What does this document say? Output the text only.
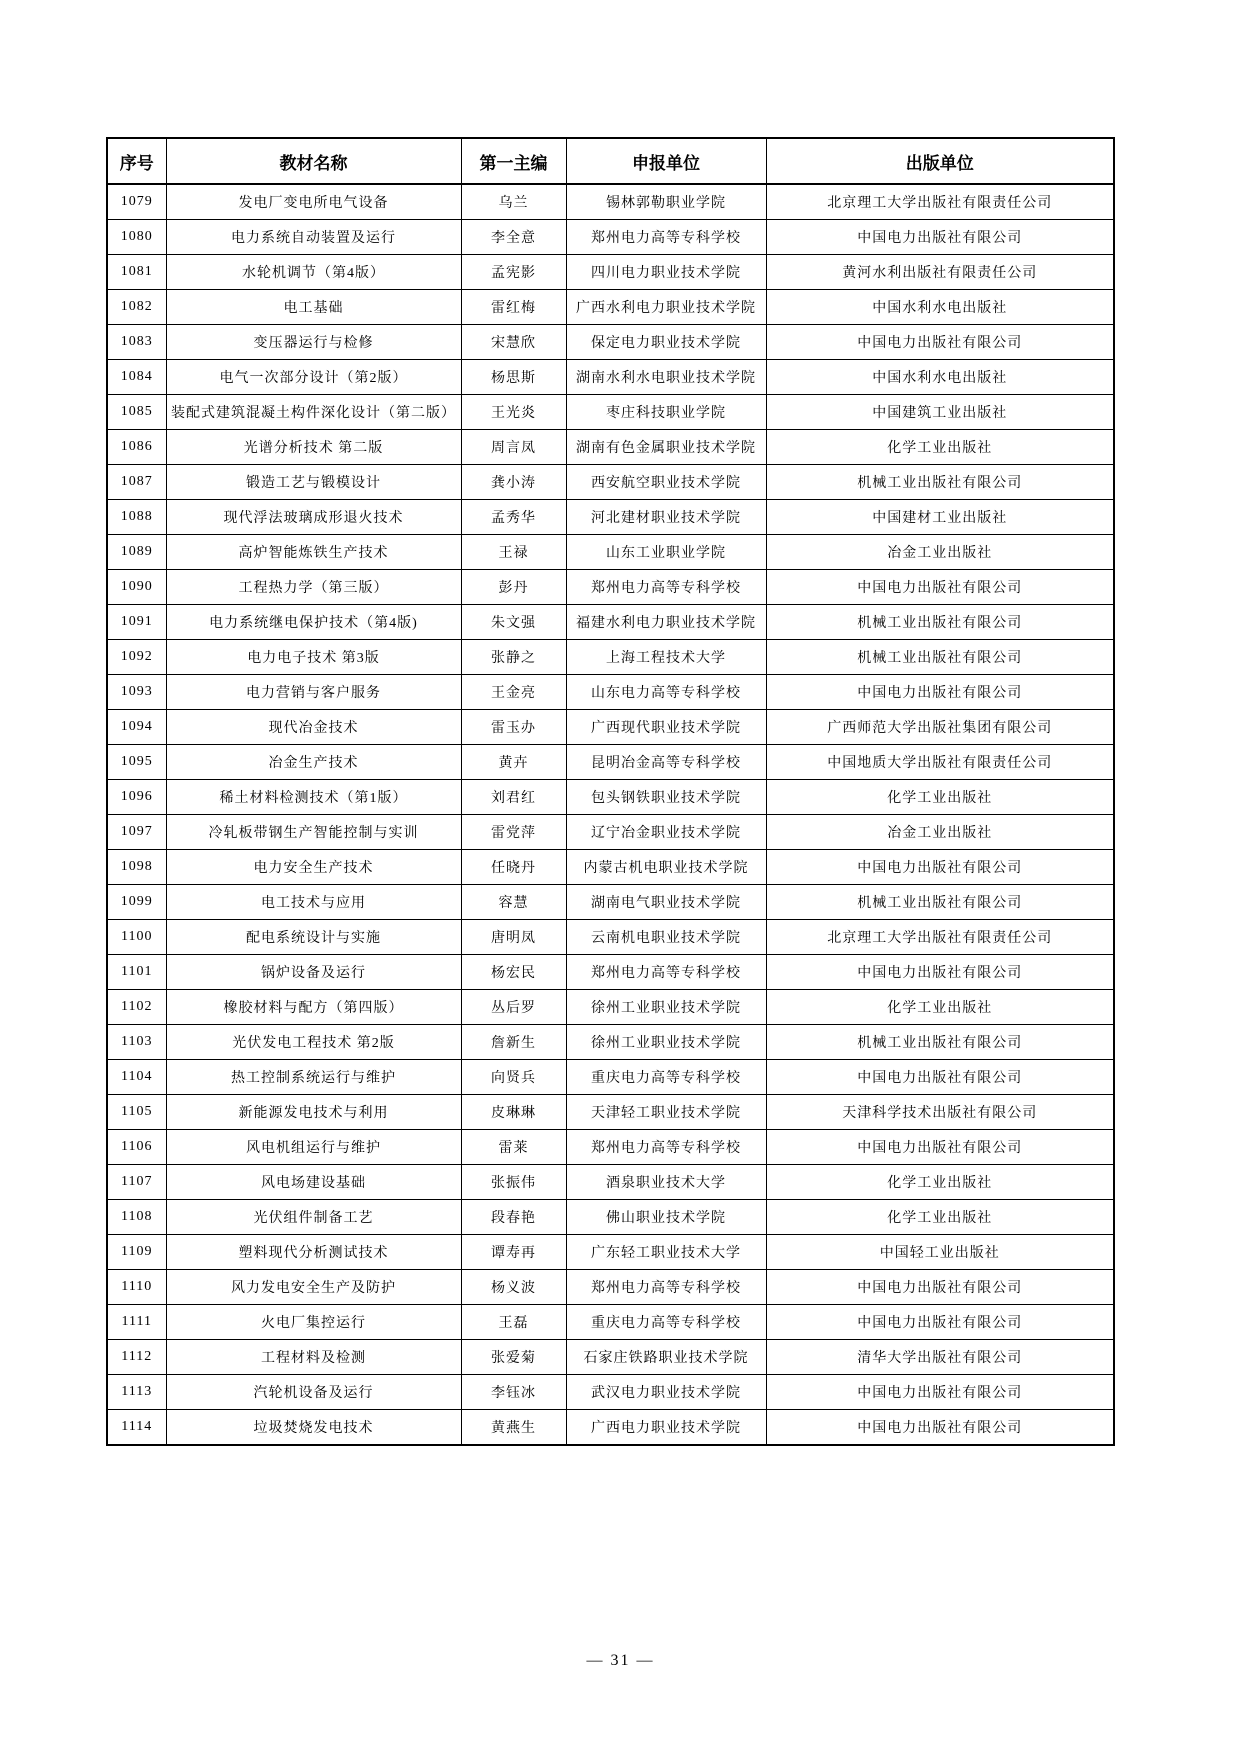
序号	教材名称	第一主编	申报单位	出版单位
1079	发电厂变电所电气设备	乌兰	锡林郭勒职业学院	北京理工大学出版社有限责任公司
1080	电力系统自动装置及运行	李全意	郑州电力高等专科学校	中国电力出版社有限公司
1081	水轮机调节（第4版）	孟宪影	四川电力职业技术学院	黄河水利出版社有限责任公司
1082	电工基础	雷红梅	广西水利电力职业技术学院	中国水利水电出版社
1083	变压器运行与检修	宋慧欣	保定电力职业技术学院	中国电力出版社有限公司
1084	电气一次部分设计（第2版）	杨思斯	湖南水利水电职业技术学院	中国水利水电出版社
1085	装配式建筑混凝土构件深化设计（第二版）	王光炎	枣庄科技职业学院	中国建筑工业出版社
1086	光谱分析技术 第二版	周言凤	湖南有色金属职业技术学院	化学工业出版社
1087	锻造工艺与锻模设计	龚小涛	西安航空职业技术学院	机械工业出版社有限公司
1088	现代浮法玻璃成形退火技术	孟秀华	河北建材职业技术学院	中国建材工业出版社
1089	高炉智能炼铁生产技术	王禄	山东工业职业学院	冶金工业出版社
1090	工程热力学（第三版）	彭丹	郑州电力高等专科学校	中国电力出版社有限公司
1091	电力系统继电保护技术（第4版)	朱文强	福建水利电力职业技术学院	机械工业出版社有限公司
1092	电力电子技术 第3版	张静之	上海工程技术大学	机械工业出版社有限公司
1093	电力营销与客户服务	王金亮	山东电力高等专科学校	中国电力出版社有限公司
1094	现代冶金技术	雷玉办	广西现代职业技术学院	广西师范大学出版社集团有限公司
1095	冶金生产技术	黄卉	昆明冶金高等专科学校	中国地质大学出版社有限责任公司
1096	稀土材料检测技术（第1版）	刘君红	包头钢铁职业技术学院	化学工业出版社
1097	冷轧板带钢生产智能控制与实训	雷党萍	辽宁冶金职业技术学院	冶金工业出版社
1098	电力安全生产技术	任晓丹	内蒙古机电职业技术学院	中国电力出版社有限公司
1099	电工技术与应用	容慧	湖南电气职业技术学院	机械工业出版社有限公司
1100	配电系统设计与实施	唐明凤	云南机电职业技术学院	北京理工大学出版社有限责任公司
1101	锅炉设备及运行	杨宏民	郑州电力高等专科学校	中国电力出版社有限公司
1102	橡胶材料与配方（第四版）	丛后罗	徐州工业职业技术学院	化学工业出版社
1103	光伏发电工程技术 第2版	詹新生	徐州工业职业技术学院	机械工业出版社有限公司
1104	热工控制系统运行与维护	向贤兵	重庆电力高等专科学校	中国电力出版社有限公司
1105	新能源发电技术与利用	皮琳琳	天津轻工职业技术学院	天津科学技术出版社有限公司
1106	风电机组运行与维护	雷莱	郑州电力高等专科学校	中国电力出版社有限公司
1107	风电场建设基础	张振伟	酒泉职业技术大学	化学工业出版社
1108	光伏组件制备工艺	段春艳	佛山职业技术学院	化学工业出版社
1109	塑料现代分析测试技术	谭寿再	广东轻工职业技术大学	中国轻工业出版社
1110	风力发电安全生产及防护	杨义波	郑州电力高等专科学校	中国电力出版社有限公司
1111	火电厂集控运行	王磊	重庆电力高等专科学校	中国电力出版社有限公司
1112	工程材料及检测	张爱菊	石家庄铁路职业技术学院	清华大学出版社有限公司
1113	汽轮机设备及运行	李钰冰	武汉电力职业技术学院	中国电力出版社有限公司
1114	垃圾焚烧发电技术	黄燕生	广西电力职业技术学院	中国电力出版社有限公司
— 31 —
